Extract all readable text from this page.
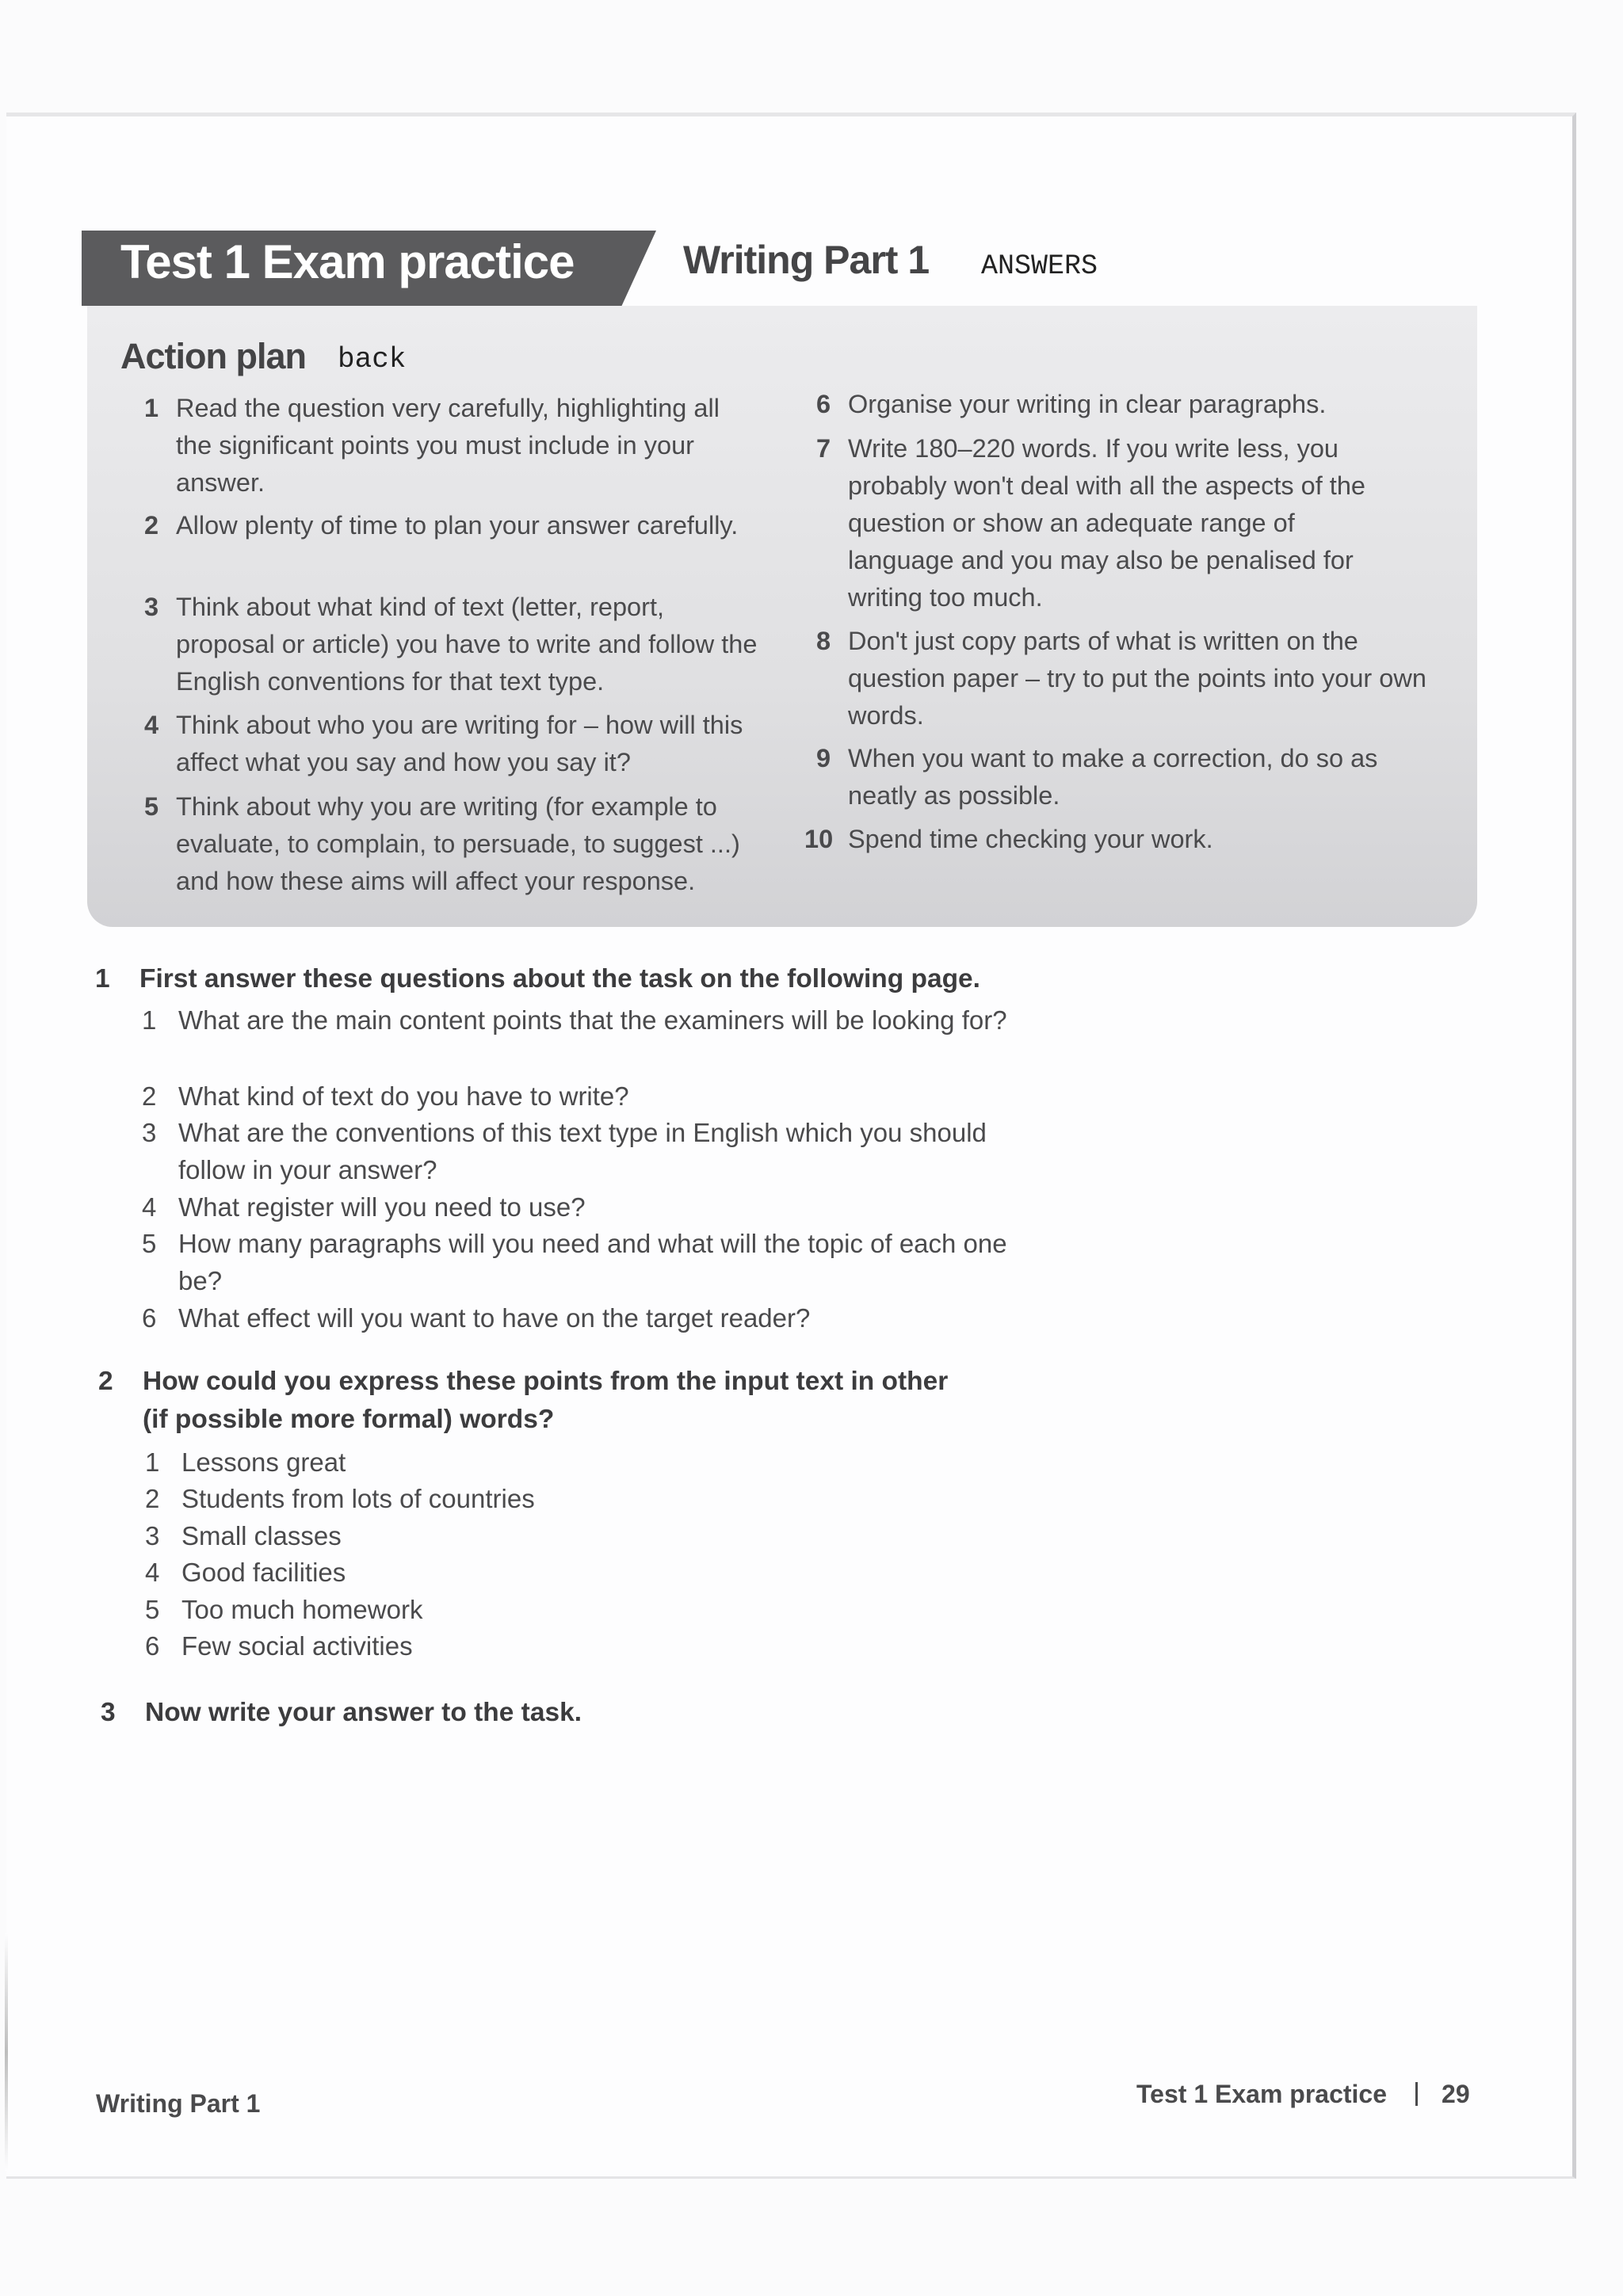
Test 1 Exam practice	Writing Part 1 ANSWERS
Action plan back
1 Read the question very carefully, highlighting all the significant points you must include in your answer.
2 Allow plenty of time to plan your answer carefully.
3 Think about what kind of text (letter, report, proposal or article) you have to write and follow the English conventions for that text type.
4 Think about who you are writing for – how will this affect what you say and how you say it?
5 Think about why you are writing (for example to evaluate, to complain, to persuade, to suggest ...) and how these aims will affect your response.
6 Organise your writing in clear paragraphs.
7 Write 180–220 words. If you write less, you probably won't deal with all the aspects of the question or show an adequate range of language and you may also be penalised for writing too much.
8 Don't just copy parts of what is written on the question paper – try to put the points into your own words.
9 When you want to make a correction, do so as neatly as possible.
10 Spend time checking your work.
1 First answer these questions about the task on the following page.
1 What are the main content points that the examiners will be looking for?
2 What kind of text do you have to write?
3 What are the conventions of this text type in English which you should follow in your answer?
4 What register will you need to use?
5 How many paragraphs will you need and what will the topic of each one be?
6 What effect will you want to have on the target reader?
2 How could you express these points from the input text in other (if possible more formal) words?
1 Lessons great
2 Students from lots of countries
3 Small classes
4 Good facilities
5 Too much homework
6 Few social activities
3 Now write your answer to the task.
Writing Part 1	Test 1 Exam practice 29
